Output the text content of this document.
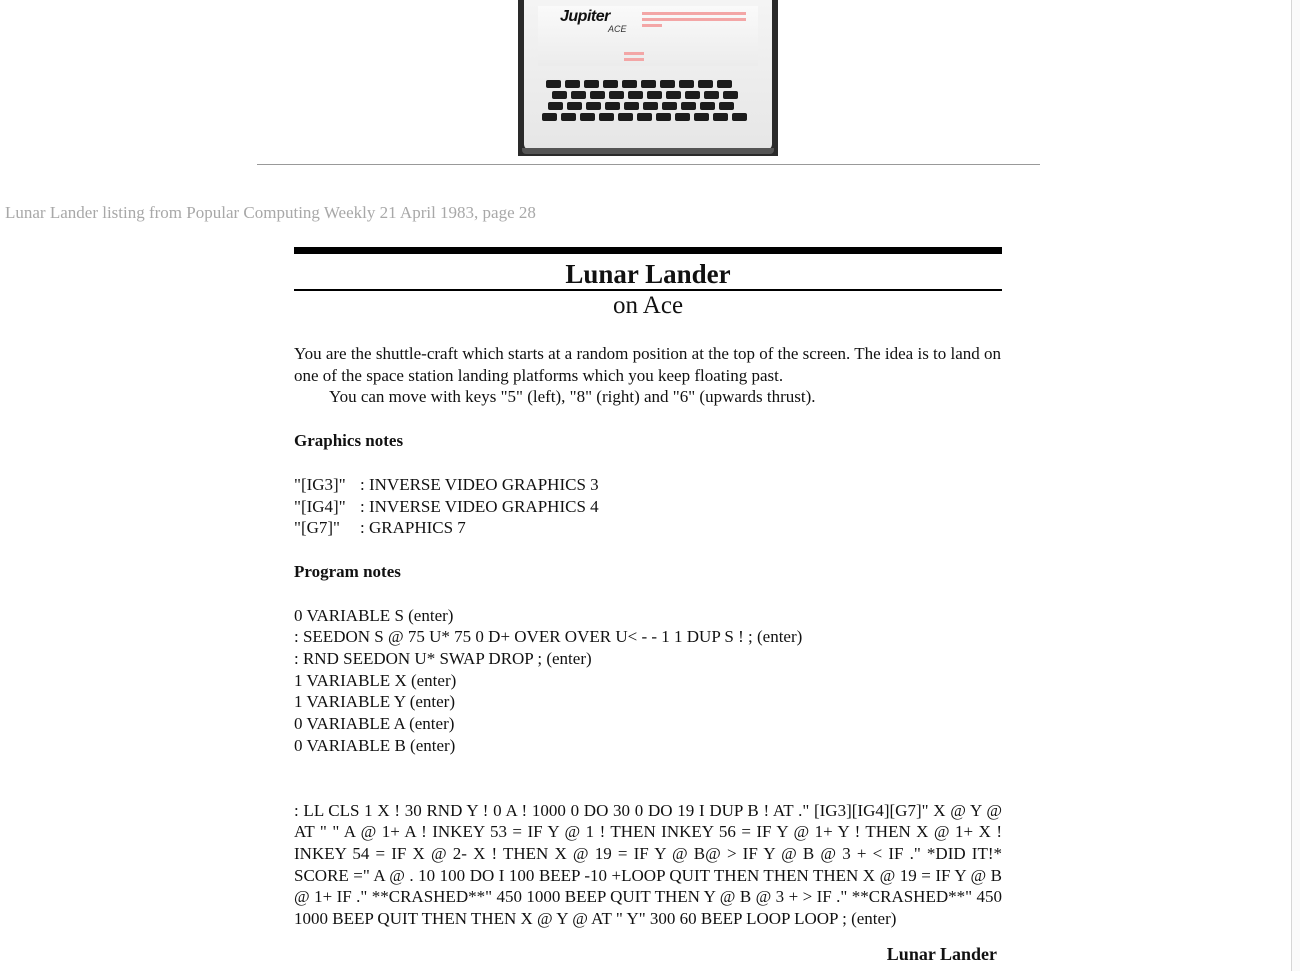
Jupiter
ACE
Lunar Lander listing from Popular Computing Weekly 21 April 1983, page 28
Lunar Lander
on Ace
You are the shuttle-craft which starts at a random position at the top of the screen. The idea is to land on one of the space station landing platforms which you keep floating past.
You can move with keys "5" (left), "8" (right) and "6" (upwards thrust).
Graphics notes
"[IG3]" : INVERSE VIDEO GRAPHICS 3
"[IG4]" : INVERSE VIDEO GRAPHICS 4
"[G7]"	: GRAPHICS 7
Program notes
0 VARIABLE S (enter)
: SEEDON S @ 75 U* 75 0 D+ OVER OVER U< - - 1 1 DUP S ! ; (enter)
: RND SEEDON U* SWAP DROP ; (enter)
1 VARIABLE X (enter)
1 VARIABLE Y (enter)
0 VARIABLE A (enter)
0 VARIABLE B (enter)
: LL CLS 1 X ! 30 RND Y ! 0 A ! 1000 0 DO 30 0 DO 19 I DUP B ! AT ." [IG3][IG4][G7]" X @ Y @ AT " " A @ 1+ A ! INKEY 53 = IF Y @ 1 ! THEN INKEY 56 = IF Y @ 1+ Y ! THEN X @ 1+ X ! INKEY 54 = IF X @ 2- X ! THEN X @ 19 = IF Y @ B@ > IF Y @ B @ 3 + < IF ." *DID IT!* SCORE =" A @ . 10 100 DO I 100 BEEP -10 +LOOP QUIT THEN THEN THEN X @ 19 = IF Y @ B @ 1+ IF ." **CRASHED**" 450 1000 BEEP QUIT THEN Y @ B @ 3 + > IF ." **CRASHED**" 450 1000 BEEP QUIT THEN THEN X @ Y @ AT " Y" 300 60 BEEP LOOP LOOP ; (enter)
Lunar Lander
